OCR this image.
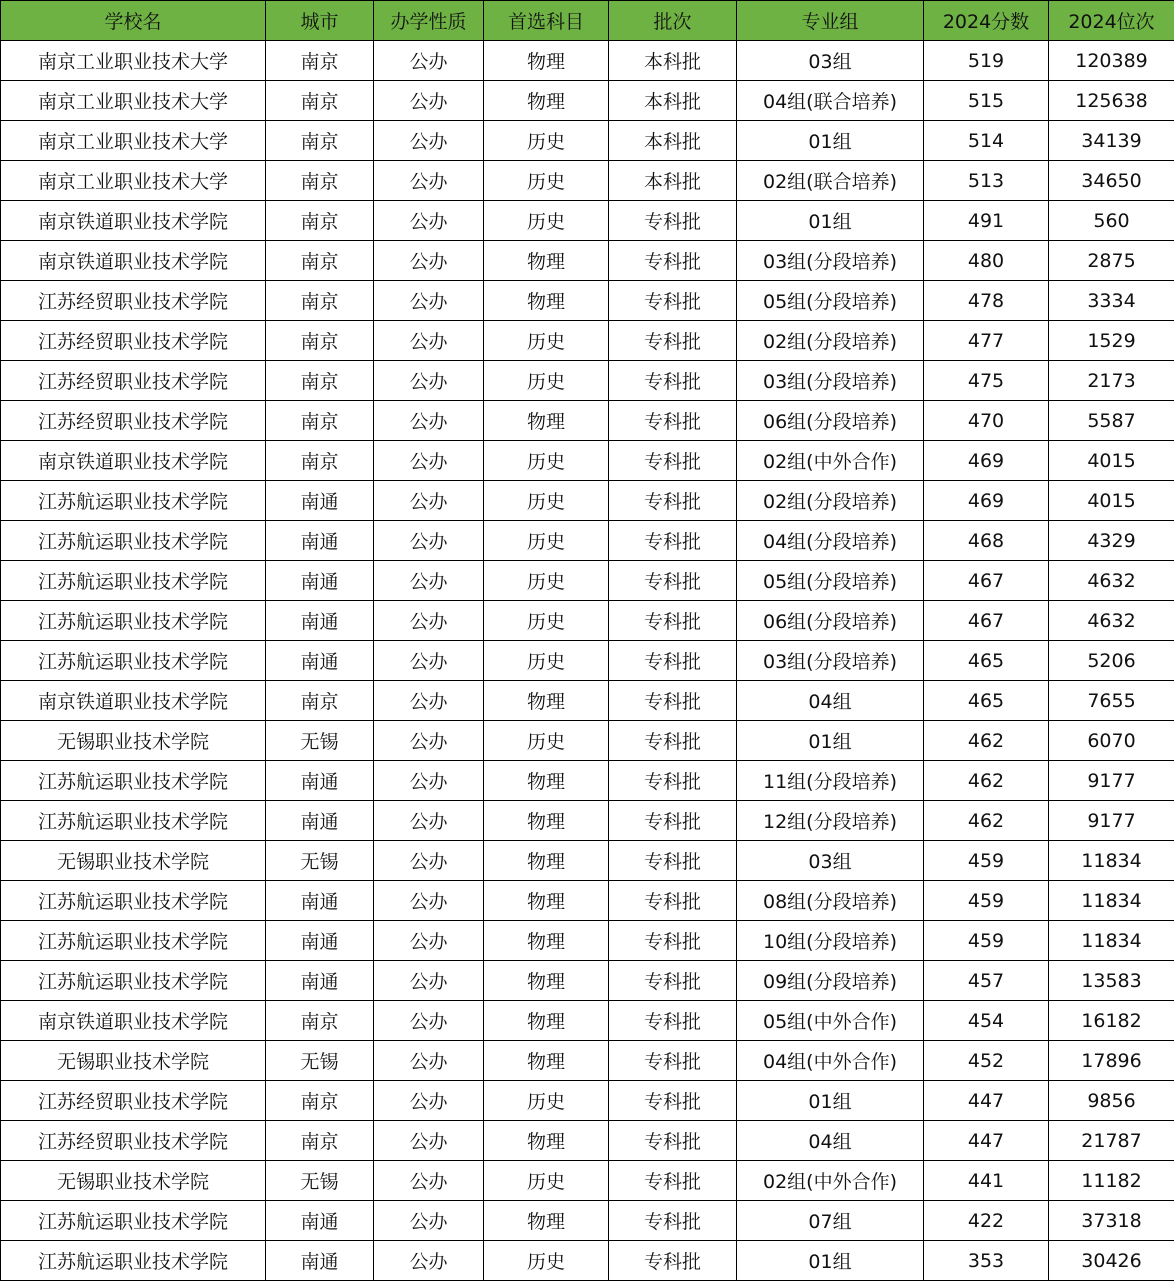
学校名	城市	办学性质	首选科目	批次	专业组	2024分数	2024位次
南京工业职业技术大学	南京	公办	物理	本科批	03组	519	120389
南京工业职业技术大学	南京	公办	物理	本科批	04组(联合培养)	515	125638
南京工业职业技术大学	南京	公办	历史	本科批	01组	514	34139
南京工业职业技术大学	南京	公办	历史	本科批	02组(联合培养)	513	34650
南京铁道职业技术学院	南京	公办	历史	专科批	01组	491	560
南京铁道职业技术学院	南京	公办	物理	专科批	03组(分段培养)	480	2875
江苏经贸职业技术学院	南京	公办	物理	专科批	05组(分段培养)	478	3334
江苏经贸职业技术学院	南京	公办	历史	专科批	02组(分段培养)	477	1529
江苏经贸职业技术学院	南京	公办	历史	专科批	03组(分段培养)	475	2173
江苏经贸职业技术学院	南京	公办	物理	专科批	06组(分段培养)	470	5587
南京铁道职业技术学院	南京	公办	历史	专科批	02组(中外合作)	469	4015
江苏航运职业技术学院	南通	公办	历史	专科批	02组(分段培养)	469	4015
江苏航运职业技术学院	南通	公办	历史	专科批	04组(分段培养)	468	4329
江苏航运职业技术学院	南通	公办	历史	专科批	05组(分段培养)	467	4632
江苏航运职业技术学院	南通	公办	历史	专科批	06组(分段培养)	467	4632
江苏航运职业技术学院	南通	公办	历史	专科批	03组(分段培养)	465	5206
南京铁道职业技术学院	南京	公办	物理	专科批	04组	465	7655
无锡职业技术学院	无锡	公办	历史	专科批	01组	462	6070
江苏航运职业技术学院	南通	公办	物理	专科批	11组(分段培养)	462	9177
江苏航运职业技术学院	南通	公办	物理	专科批	12组(分段培养)	462	9177
无锡职业技术学院	无锡	公办	物理	专科批	03组	459	11834
江苏航运职业技术学院	南通	公办	物理	专科批	08组(分段培养)	459	11834
江苏航运职业技术学院	南通	公办	物理	专科批	10组(分段培养)	459	11834
江苏航运职业技术学院	南通	公办	物理	专科批	09组(分段培养)	457	13583
南京铁道职业技术学院	南京	公办	物理	专科批	05组(中外合作)	454	16182
无锡职业技术学院	无锡	公办	物理	专科批	04组(中外合作)	452	17896
江苏经贸职业技术学院	南京	公办	历史	专科批	01组	447	9856
江苏经贸职业技术学院	南京	公办	物理	专科批	04组	447	21787
无锡职业技术学院	无锡	公办	历史	专科批	02组(中外合作)	441	11182
江苏航运职业技术学院	南通	公办	物理	专科批	07组	422	37318
江苏航运职业技术学院	南通	公办	历史	专科批	01组	353	30426
